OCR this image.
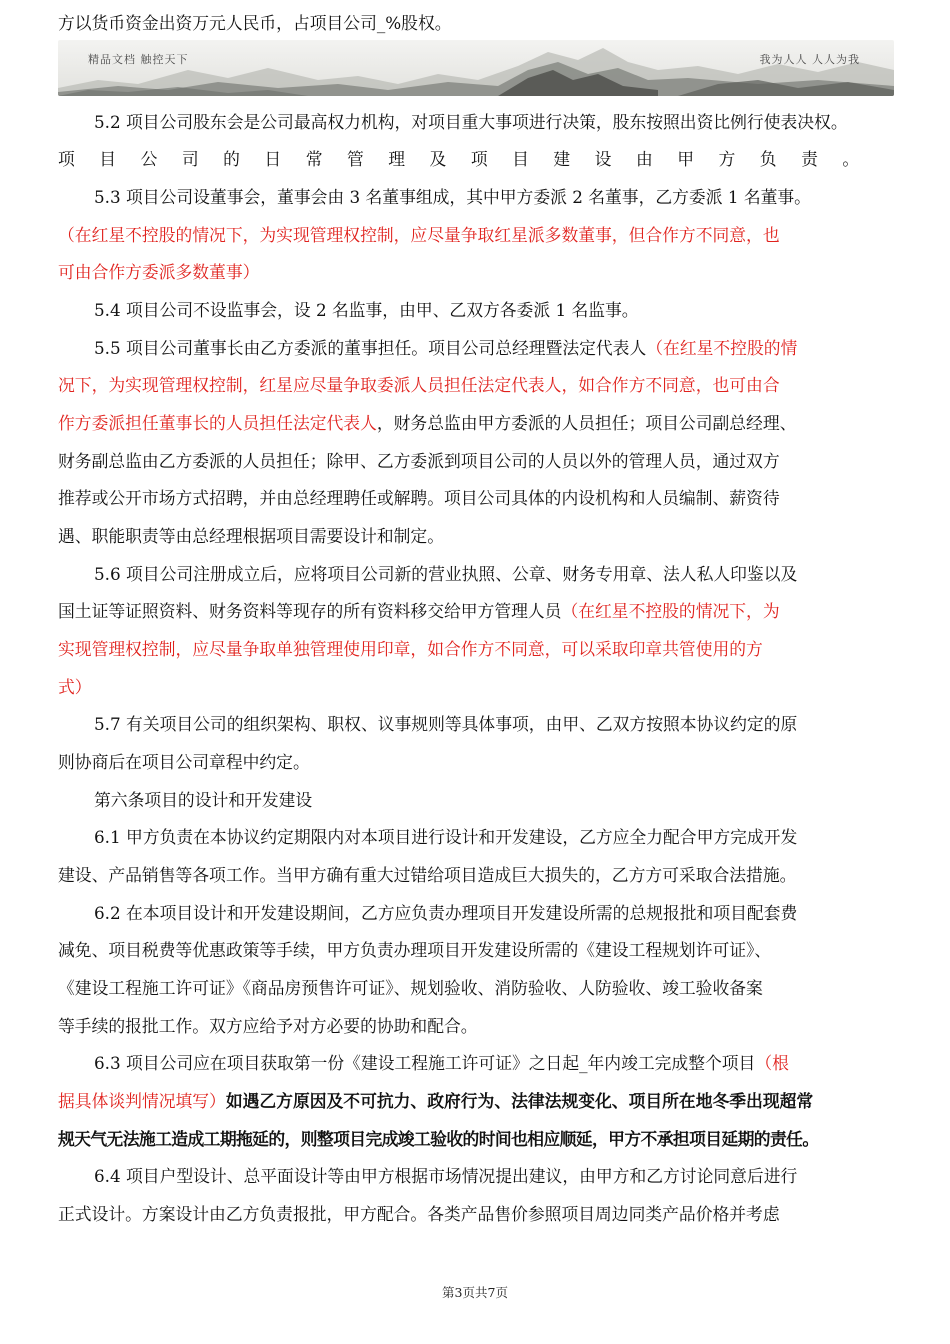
方以货币资金出资万元人民币，占项目公司_%股权。
精品文档 触控天下	我为人人 人人为我
5.2 项目公司股东会是公司最高权力机构，对项目重大事项进行决策，股东按照出资比例行使表决权。
项目公司的日常管理及项目建设由甲方负责。
5.3 项目公司设董事会，董事会由 3 名董事组成，其中甲方委派 2 名董事，乙方委派 1 名董事。
（在红星不控股的情况下，为实现管理权控制，应尽量争取红星派多数董事，但合作方不同意，也
可由合作方委派多数董事）
5.4 项目公司不设监事会，设 2 名监事，由甲、乙双方各委派 1 名监事。
5.5 项目公司董事长由乙方委派的董事担任。项目公司总经理暨法定代表人（在红星不控股的情
况下，为实现管理权控制，红星应尽量争取委派人员担任法定代表人，如合作方不同意，也可由合
作方委派担任董事长的人员担任法定代表人，财务总监由甲方委派的人员担任；项目公司副总经理、
财务副总监由乙方委派的人员担任；除甲、乙方委派到项目公司的人员以外的管理人员，通过双方
推荐或公开市场方式招聘，并由总经理聘任或解聘。项目公司具体的内设机构和人员编制、薪资待
遇、职能职责等由总经理根据项目需要设计和制定。
5.6 项目公司注册成立后，应将项目公司新的营业执照、公章、财务专用章、法人私人印鉴以及
国土证等证照资料、财务资料等现存的所有资料移交给甲方管理人员（在红星不控股的情况下，为
实现管理权控制，应尽量争取单独管理使用印章，如合作方不同意，可以采取印章共管使用的方
式）
5.7 有关项目公司的组织架构、职权、议事规则等具体事项，由甲、乙双方按照本协议约定的原
则协商后在项目公司章程中约定。
第六条项目的设计和开发建设
6.1 甲方负责在本协议约定期限内对本项目进行设计和开发建设，乙方应全力配合甲方完成开发
建设、产品销售等各项工作。当甲方确有重大过错给项目造成巨大损失的，乙方方可采取合法措施。
6.2 在本项目设计和开发建设期间，乙方应负责办理项目开发建设所需的总规报批和项目配套费
减免、项目税费等优惠政策等手续，甲方负责办理项目开发建设所需的《建设工程规划许可证》、
《建设工程施工许可证》《商品房预售许可证》、规划验收、消防验收、人防验收、竣工验收备案
等手续的报批工作。双方应给予对方必要的协助和配合。
6.3 项目公司应在项目获取第一份《建设工程施工许可证》之日起_年内竣工完成整个项目（根
据具体谈判情况填写）如遇乙方原因及不可抗力、政府行为、法律法规变化、项目所在地冬季出现超常
规天气无法施工造成工期拖延的，则整项目完成竣工验收的时间也相应顺延，甲方不承担项目延期的责任。
6.4 项目户型设计、总平面设计等由甲方根据市场情况提出建议，由甲方和乙方讨论同意后进行
正式设计。方案设计由乙方负责报批，甲方配合。各类产品售价参照项目周边同类产品价格并考虑
第3页共7页
